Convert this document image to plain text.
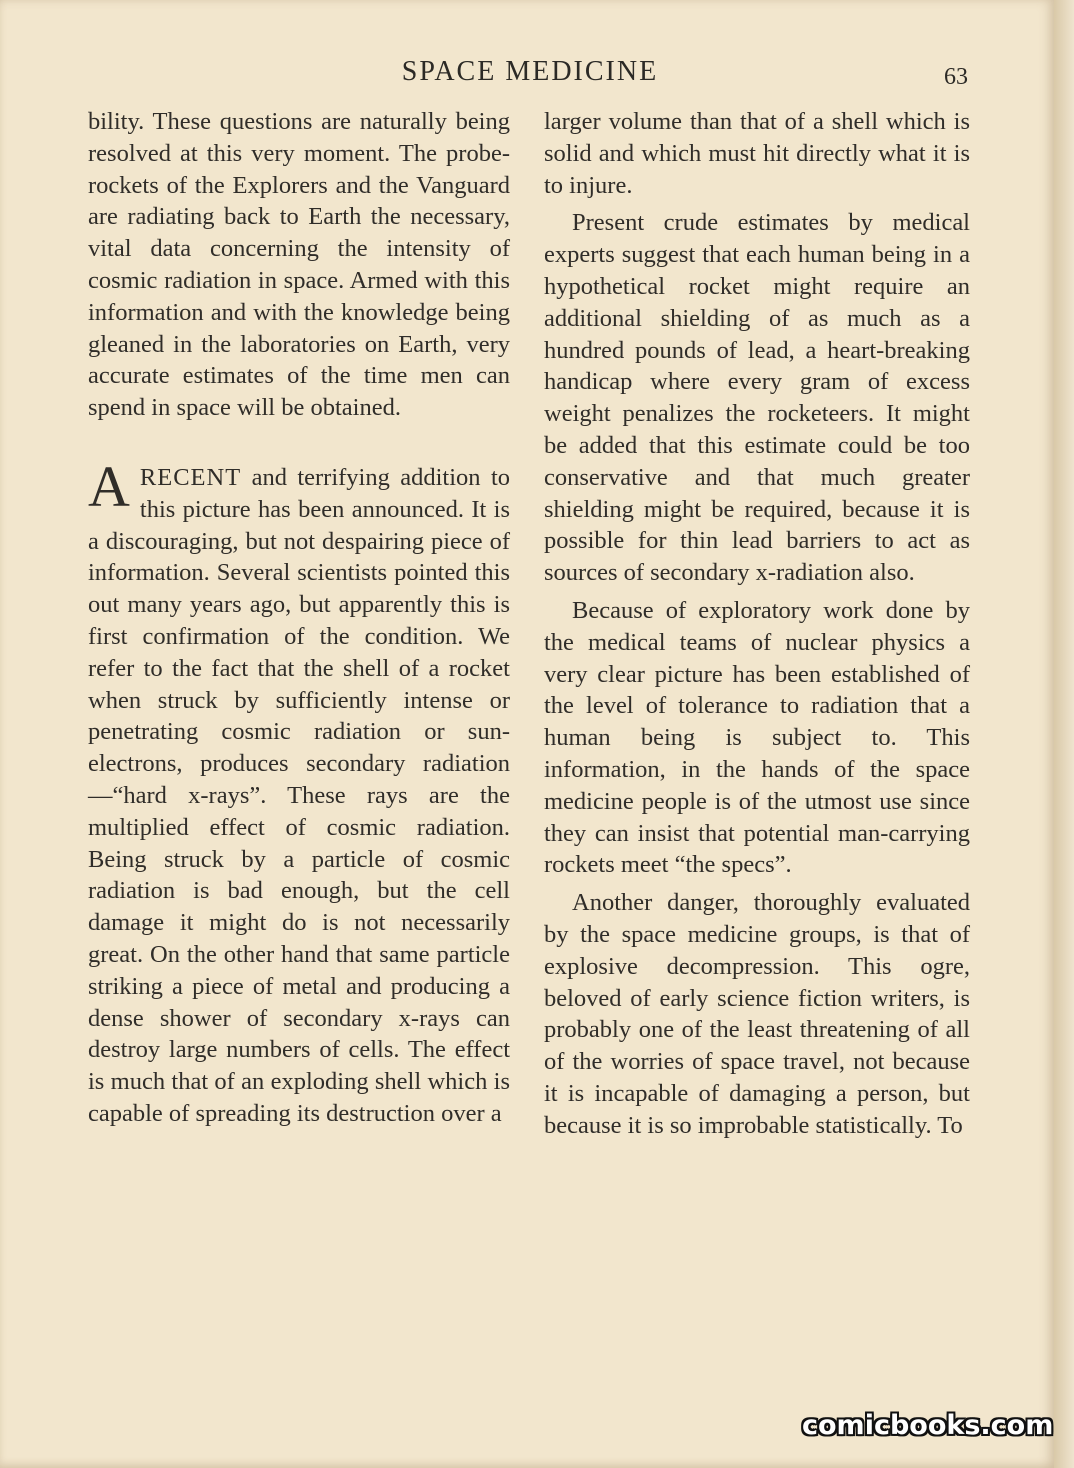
SPACE MEDICINE	63

bility. These questions are naturally being resolved at this very moment. The probe-rockets of the Explorers and the Vanguard are radiating back to Earth the necessary, vital data concerning the intensity of cosmic radiation in space. Armed with this information and with the knowledge being gleaned in the laboratories on Earth, very accurate estimates of the time men can spend in space will be obtained.

ARECENT and terrifying addition to this picture has been announced. It is a discouraging, but not despairing piece of information. Several scientists pointed this out many years ago, but apparently this is first confirmation of the condition. We refer to the fact that the shell of a rocket when struck by sufficiently intense or penetrating cosmic radiation or sun-electrons, produces secondary radiation —“hard x-rays”. These rays are the multiplied effect of cosmic radiation. Being struck by a particle of cosmic radiation is bad enough, but the cell damage it might do is not necessarily great. On the other hand that same particle striking a piece of metal and producing a dense shower of secondary x-rays can destroy large numbers of cells. The effect is much that of an exploding shell which is capable of spreading its destruction over a

larger volume than that of a shell which is solid and which must hit directly what it is to injure.

Present crude estimates by medical experts suggest that each human being in a hypothetical rocket might require an additional shielding of as much as a hundred pounds of lead, a heart-breaking handicap where every gram of excess weight penalizes the rocketeers. It might be added that this estimate could be too conservative and that much greater shielding might be required, because it is possible for thin lead barriers to act as sources of secondary x-radiation also.

Because of exploratory work done by the medical teams of nuclear physics a very clear picture has been established of the level of tolerance to radiation that a human being is subject to. This information, in the hands of the space medicine people is of the utmost use since they can insist that potential man-carrying rockets meet “the specs”.

Another danger, thoroughly evaluated by the space medicine groups, is that of explosive decompression. This ogre, beloved of early science fiction writers, is probably one of the least threatening of all of the worries of space travel, not because it is incapable of damaging a person, but because it is so improbable statistically. To

comicbooks.com
